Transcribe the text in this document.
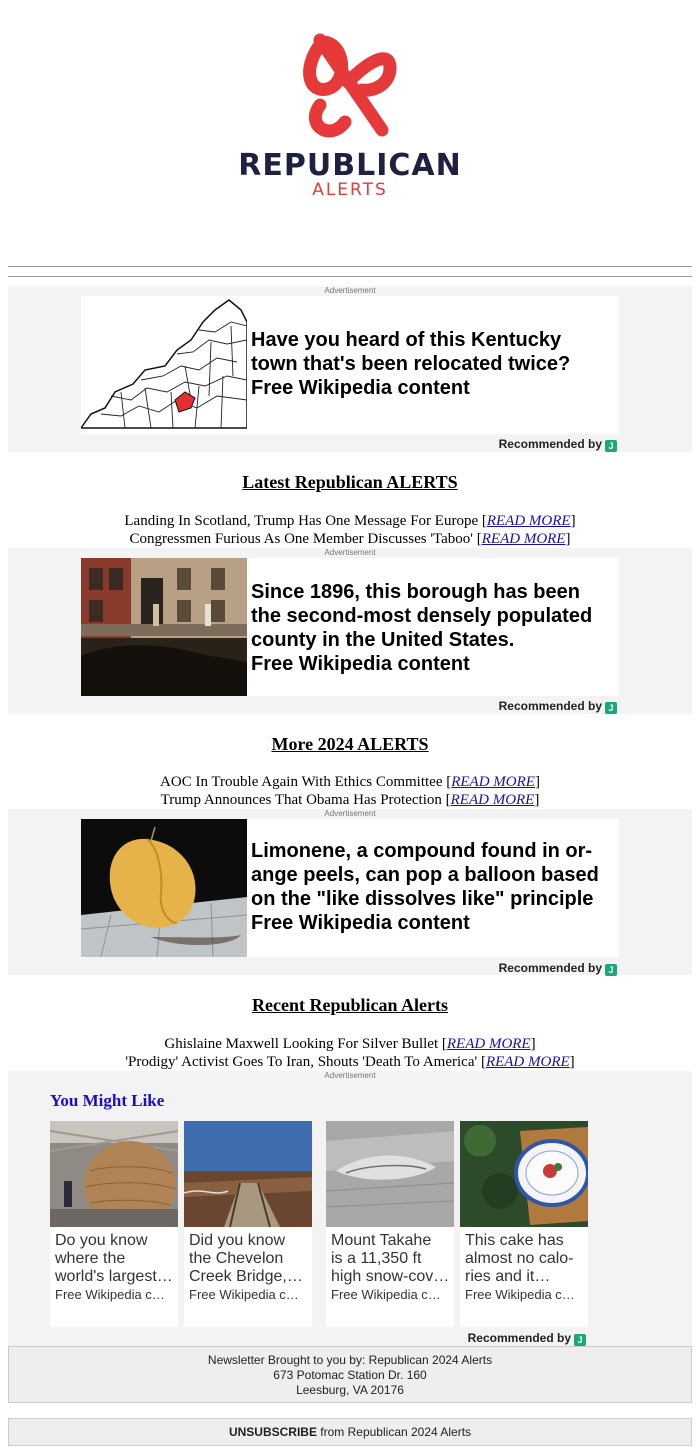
REPUBLICAN
ALERTS
Advertisement
Have you heard of this Kentucky
town that's been relocated twice?
Free Wikipedia content
Recommended by J
Latest Republican ALERTS
Landing In Scotland, Trump Has One Message For Europe [READ MORE]
Congressmen Furious As One Member Discusses 'Taboo' [READ MORE]
Advertisement
Since 1896, this borough has been
the second-most densely populated
county in the United States.
Free Wikipedia content
Recommended by J
More 2024 ALERTS
AOC In Trouble Again With Ethics Committee [READ MORE]
Trump Announces That Obama Has Protection [READ MORE]
Advertisement
Limonene, a compound found in or-
ange peels, can pop a balloon based
on the "like dissolves like" principle
Free Wikipedia content
Recommended by J
Recent Republican Alerts
Ghislaine Maxwell Looking For Silver Bullet [READ MORE]
'Prodigy' Activist Goes To Iran, Shouts 'Death To America' [READ MORE]
Advertisement
You Might Like
Do you know
where the
world's largest…
Free Wikipedia c…
Did you know
the Chevelon
Creek Bridge,…
Free Wikipedia c…
Mount Takahe
is a 11,350 ft
high snow-cov…
Free Wikipedia c…
This cake has
almost no calo-
ries and it…
Free Wikipedia c…
Recommended by J
Newsletter Brought to you by: Republican 2024 Alerts
673 Potomac Station Dr. 160
Leesburg, VA 20176
UNSUBSCRIBE from Republican 2024 Alerts
